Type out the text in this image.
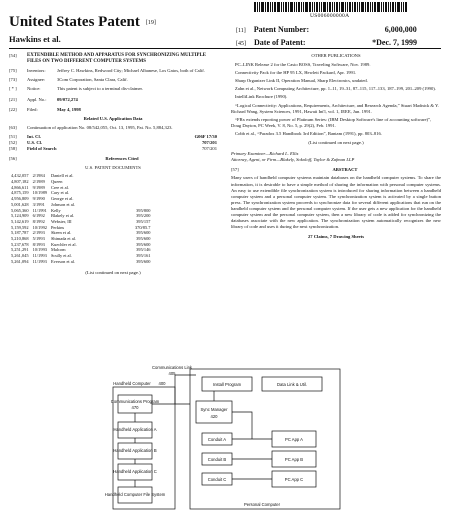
US006000000A
United States Patent [19]
Hawkins et al.
[11] Patent Number:	6,000,000
[45] Date of Patent:	*Dec. 7, 1999
[54]	EXTENDIBLE METHOD AND APPARATUS FOR SYNCHRONIZING MULTIPLE FILES ON TWO DIFFERENT COMPUTER SYSTEMS
[75]	Inventors:	Jeffrey C. Hawkins, Redwood City; Michael Albanese, Los Gatos, both of Calif.
[73]	Assignee:	3Com Corporation, Santa Clara, Calif.
[ * ]	Notice:	This patent is subject to a terminal dis-claimer.
[21]	Appl. No.:	09/072,274
[22]	Filed:	May 4, 1998
Related U.S. Application Data
[63]	Continuation of application No. 08/542,055, Oct. 13, 1995, Pat. No. 5,884,323.
[51]	Int. Cl.	G06F 17/30
[52]	U.S. Cl.	707/201
[58]	Field of Search	707/201
[56]	References Cited
U.S. PATENT DOCUMENTS
4,432,057	2/1984	Daniell et al.	
4,807,182	2/1989	Queen	
4,866,611	9/1989	Cree et al.	
4,875,159	10/1989	Cary et al.	
4,956,809	9/1990	George et al.	
5,001,628	3/1991	Johnson et al.	
5,065,360	11/1991	Kelly	395/800
5,124,909	6/1992	Blakely et al.	395/200
5,142,619	8/1992	Webster, III	395/157
5,159,592	10/1992	Perkins	370/85.7
5,187,787	2/1993	Skeen et al.	395/600
5,210,868	5/1993	Shimada et al.	395/600
5,237,678	8/1993	Kuechler et al.	395/600
5,251,291	10/1993	Malcom	395/146
5,261,045	11/1993	Scully et al.	395/161
5,261,094	11/1993	Everson et al.	395/600
(List continued on next page.)
OTHER PUBLICATIONS

PC–LINK Release 2 for the Casio BOSS, Traveling Software, Nov. 1989.

Connectivity Pack for the HP 95 LX, Hewlett Packard, Apr. 1991.

Sharp Organizer Link II, Operation Manual, Sharp Electronics, undated.

Zahn et al., Network Computing Architecture, pp. 1–11, 19–31, 87–115, 117–133, 187–199, 201–209 (1990).

IntelliLink Brochure (1990).

“Logical Connectivity: Applications, Requirements, Architecture, and Research Agenda,” Stuart Madnick & Y. Richard Wang, System Sciences, 1991, Hawaii Int'l, vol. 1, IEEE, Jun. 1991.

“FRx extends reporting power of Platinum Series: (IBM Desktop Software's line of accounting software)”, Doug Dayton, PC Week, V. 8, No. 5, p. 29(2), Feb. 1991.

Cobb et al., “Paradox 3.5 Handbook 3rd Edition”, Bantam (1991), pp. 803–816.

(List continued on next page.)
Primary Examiner—Richard L. Ellis
Attorney, Agent, or Firm—Blakely, Sokoloff, Taylor & Zafman LLP
[57]	ABSTRACT
Many users of handheld computer systems maintain databases on the handheld computer systems. To share the information, it is desirable to have a simple method of sharing the information with personal computer systems. An easy to use extendible file synchronization system is introduced for sharing information between a handheld computer system and a personal computer system. The synchronization system is activated by a single button press. The synchronization system proceeds to synchronize data for several different applications that run on the handheld computer system and the personal computer system. If the user gets a new application for the handheld computer system and the personal computer system, then a new library of code is added for synchronizing the databases associate with the new application. The synchronization system automatically recognizes the new library of code and uses it during the next synchronization.
27 Claims, 7 Drawing Sheets
Communications Link
405
Communications Program
470
Handheld Application A
Handheld Application B
Handheld Application C
Handheld Computer File System
Handheld Computer 400	Install Program	Data Link & Util.
Sync Manager
420
Conduit A
Conduit B
Conduit C
PC App A
PC App B
PC App C
Personal Computer
